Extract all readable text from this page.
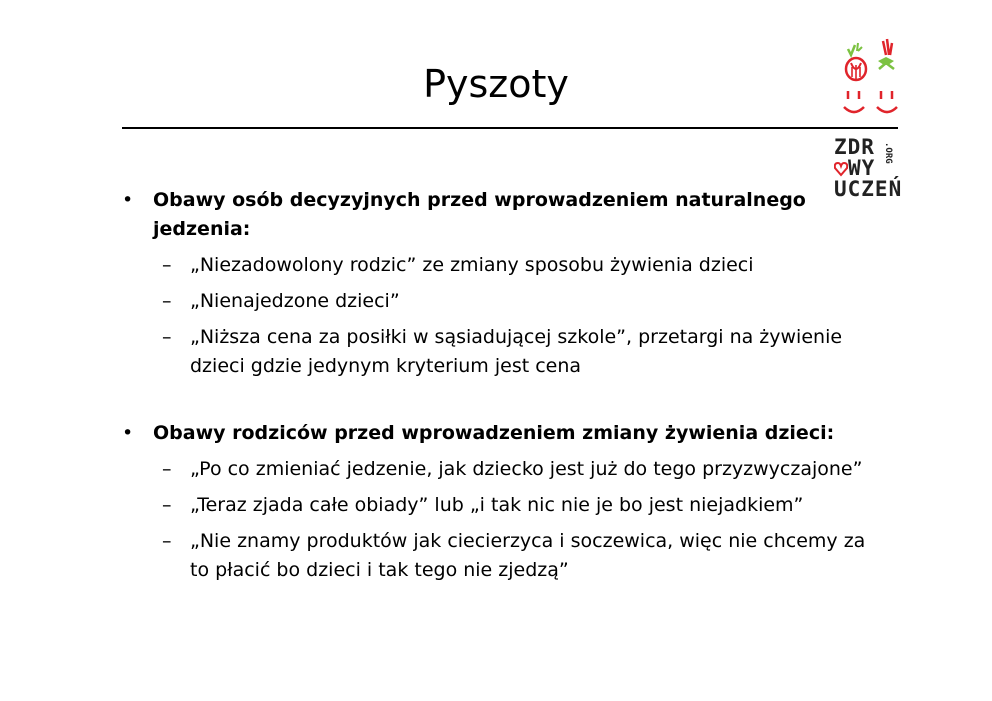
Pyszoty
ZDR
WY
UCZEŃ
.ORG
• Obawy osób decyzyjnych przed wprowadzeniem naturalnego jedzenia:
– „Niezadowolony rodzic” ze zmiany sposobu żywienia dzieci
– „Nienajedzone dzieci”
– „Niższa cena za posiłki w sąsiadującej szkole”, przetargi na żywienie dzieci gdzie jedynym kryterium jest cena
• Obawy rodziców przed wprowadzeniem zmiany żywienia dzieci:
– „Po co zmieniać jedzenie, jak dziecko jest już do tego przyzwyczajone”
– „Teraz zjada całe obiady” lub „i tak nic nie je bo jest niejadkiem”
– „Nie znamy produktów jak ciecierzyca i soczewica, więc nie chcemy za to płacić bo dzieci i tak tego nie zjedzą”
